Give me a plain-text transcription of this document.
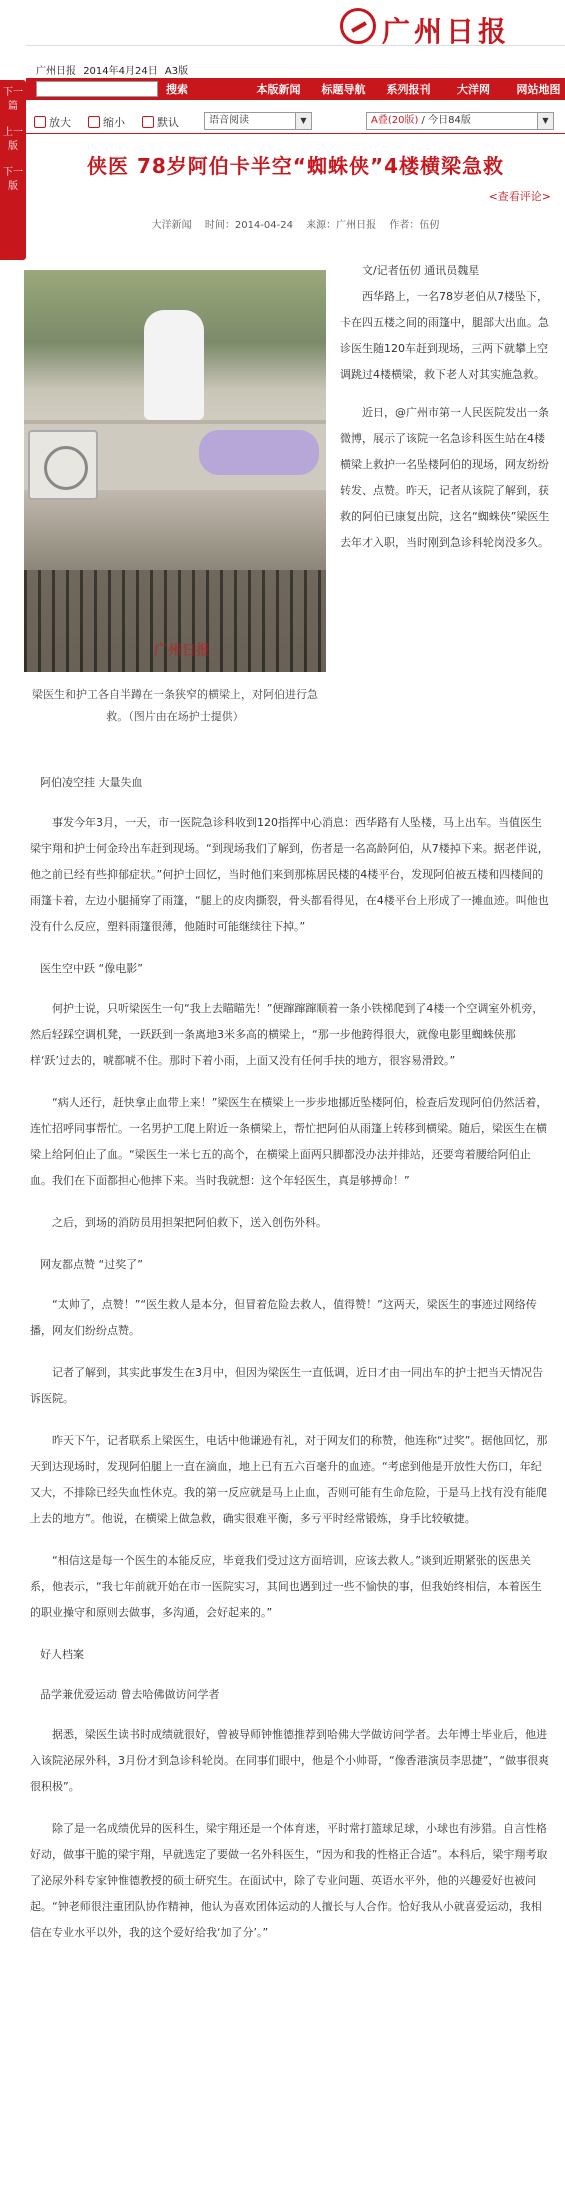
下一篇
上一版
下一版
广州日报
广州日报 2014年4月24日 A3版
搜索	本版新闻	标题导航	系列报刊	大洋网	网站地图
放大	缩小	默认	语音阅读	▼	A叠(20版) / 今日84版	▼
侠医 78岁阿伯卡半空“蜘蛛侠”4楼横梁急救
<查看评论>
大洋新闻 时间：2014-04-24 来源：广州日报 作者：伍仞
广州日报
梁医生和护工各自半蹲在一条狭窄的横梁上，对阿伯进行急救。（图片由在场护士提供）

文/记者伍仞 通讯员魏星

西华路上，一名78岁老伯从7楼坠下，卡在四五楼之间的雨篷中，腿部大出血。急诊医生随120车赶到现场，三两下就攀上空调跳过4楼横梁，救下老人对其实施急救。

近日，@广州市第一人民医院发出一条微博，展示了该院一名急诊科医生站在4楼横梁上救护一名坠楼阿伯的现场，网友纷纷转发、点赞。昨天，记者从该院了解到，获救的阿伯已康复出院，这名“蜘蛛侠”梁医生去年才入职，当时刚到急诊科轮岗没多久。

阿伯凌空挂 大量失血

事发今年3月，一天，市一医院急诊科收到120指挥中心消息：西华路有人坠楼，马上出车。当值医生梁宇翔和护士何金玲出车赶到现场。“到现场我们了解到，伤者是一名高龄阿伯，从7楼掉下来。据老伴说，他之前已经有些抑郁症状。”何护士回忆，当时他们来到那栋居民楼的4楼平台，发现阿伯被五楼和四楼间的雨篷卡着，左边小腿捅穿了雨篷，“腿上的皮肉撕裂，骨头都看得见，在4楼平台上形成了一摊血迹。叫他也没有什么反应，塑料雨篷很薄，他随时可能继续往下掉。”

医生空中跃 “像电影”

何护士说，只听梁医生一句“我上去瞄瞄先！”便蹿蹿蹿顺着一条小铁梯爬到了4楼一个空调室外机旁，然后轻踩空调机凳，一跃跃到一条离地3米多高的横梁上，“那一步他跨得很大，就像电影里蜘蛛侠那样‘跃’过去的，唬都唬不住。那时下着小雨，上面又没有任何手扶的地方，很容易滑跤。”

“病人还行，赶快拿止血带上来！”梁医生在横梁上一步步地挪近坠楼阿伯，检查后发现阿伯仍然活着，连忙招呼同事帮忙。一名男护工爬上附近一条横梁上，帮忙把阿伯从雨篷上转移到横梁。随后，梁医生在横梁上给阿伯止了血。“梁医生一米七五的高个，在横梁上面两只脚都没办法并排站，还要弯着腰给阿伯止血。我们在下面都担心他摔下来。当时我就想：这个年轻医生，真是够搏命！”

之后，到场的消防员用担架把阿伯救下，送入创伤外科。

网友都点赞 “过奖了”

“太帅了，点赞！”“医生救人是本分，但冒着危险去救人，值得赞！”这两天，梁医生的事迹过网络传播，网友们纷纷点赞。

记者了解到，其实此事发生在3月中，但因为梁医生一直低调，近日才由一同出车的护士把当天情况告诉医院。

昨天下午，记者联系上梁医生，电话中他谦逊有礼，对于网友们的称赞，他连称“过奖”。据他回忆，那天到达现场时，发现阿伯腿上一直在滴血，地上已有五六百毫升的血迹。“考虑到他是开放性大伤口，年纪又大，不排除已经失血性休克。我的第一反应就是马上止血，否则可能有生命危险，于是马上找有没有能爬上去的地方”。他说，在横梁上做急救，确实很难平衡，多亏平时经常锻炼，身手比较敏捷。

“相信这是每一个医生的本能反应，毕竟我们受过这方面培训，应该去救人。”谈到近期紧张的医患关系，他表示，“我七年前就开始在市一医院实习，其间也遇到过一些不愉快的事，但我始终相信，本着医生的职业操守和原则去做事，多沟通，会好起来的。”

好人档案
品学兼优爱运动 曾去哈佛做访问学者

据悉，梁医生读书时成绩就很好，曾被导师钟惟德推荐到哈佛大学做访问学者。去年博士毕业后，他进入该院泌尿外科，3月份才到急诊科轮岗。在同事们眼中，他是个小帅哥，“像香港演员李思捷”，“做事很爽很积极”。

除了是一名成绩优异的医科生，梁宇翔还是一个体育迷，平时常打篮球足球，小球也有涉猎。自言性格好动，做事干脆的梁宇翔，早就选定了要做一名外科医生，“因为和我的性格正合适”。本科后，梁宇翔考取了泌尿外科专家钟惟德教授的硕士研究生。在面试中，除了专业问题、英语水平外，他的兴趣爱好也被问起。“钟老师很注重团队协作精神，他认为喜欢团体运动的人擅长与人合作。恰好我从小就喜爱运动，我相信在专业水平以外，我的这个爱好给我‘加了分’。”
